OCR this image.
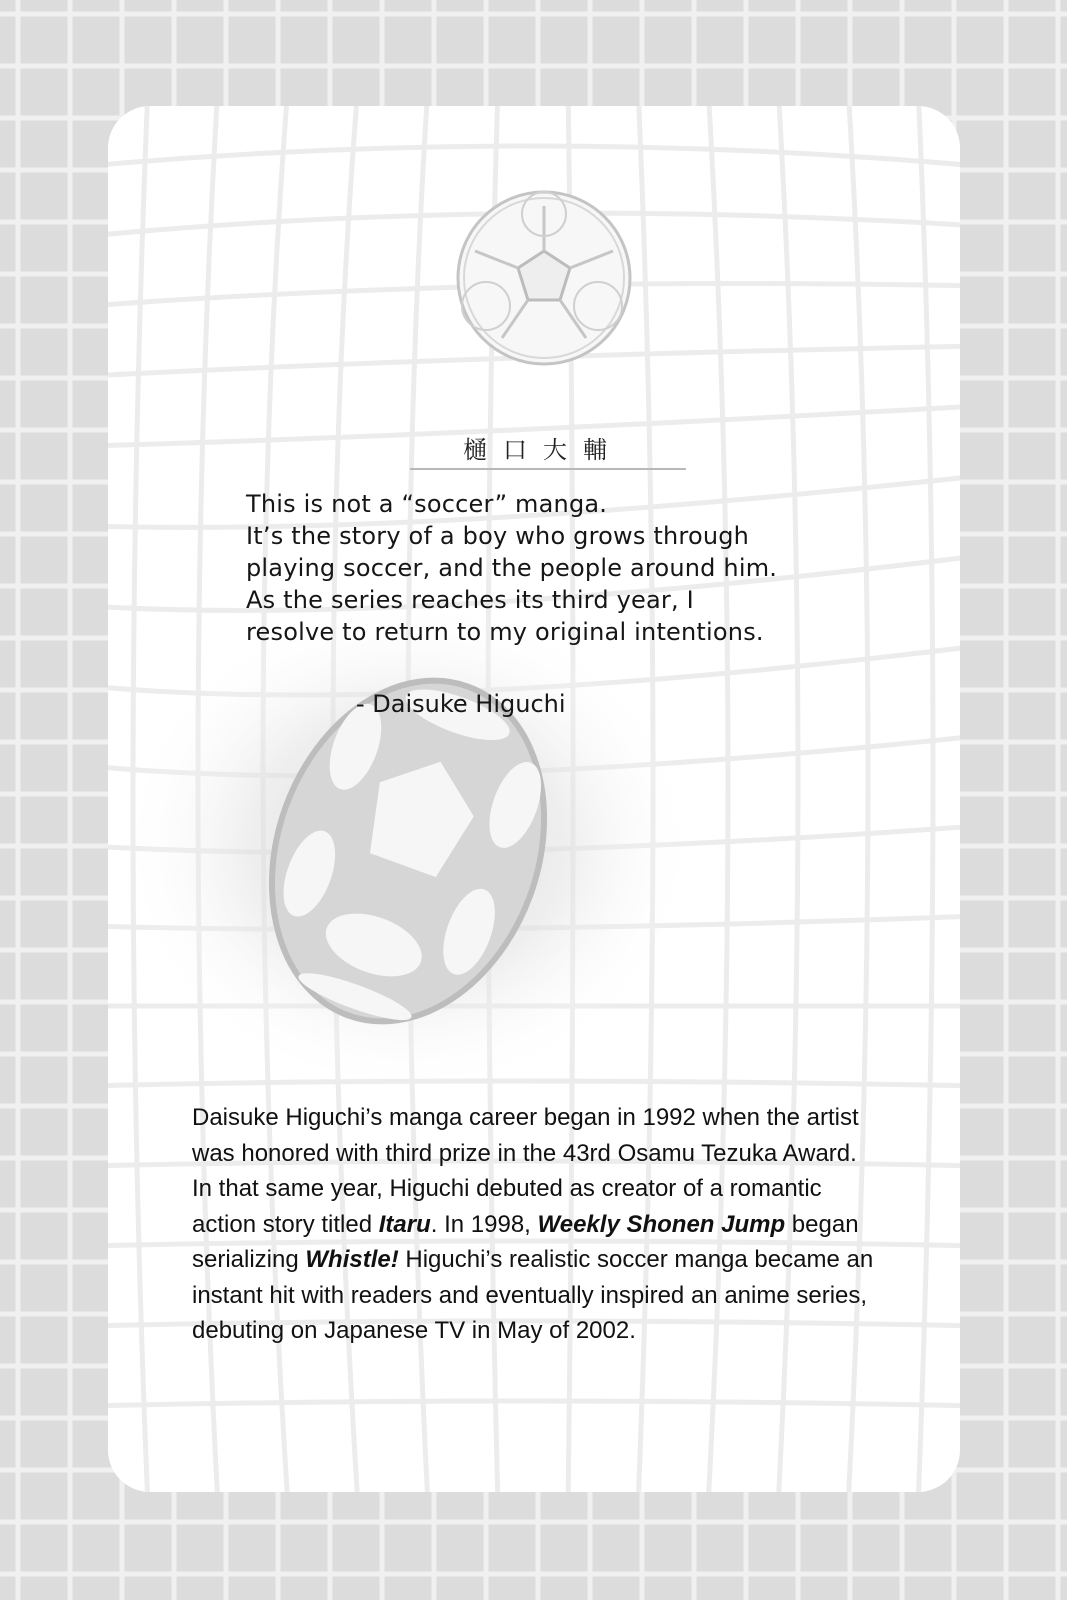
樋口大輔
This is not a “soccer” manga.
It’s the story of a boy who grows through
playing soccer, and the people around him.
As the series reaches its third year, I
resolve to return to my original intentions.
- Daisuke Higuchi
Daisuke Higuchi’s manga career began in 1992 when the artist was honored with third prize in the 43rd Osamu Tezuka Award. In that same year, Higuchi debuted as creator of a romantic action story titled Itaru. In 1998, Weekly Shonen Jump began serializing Whistle! Higuchi’s realistic soccer manga became an instant hit with readers and eventually inspired an anime series, debuting on Japanese TV in May of 2002.
